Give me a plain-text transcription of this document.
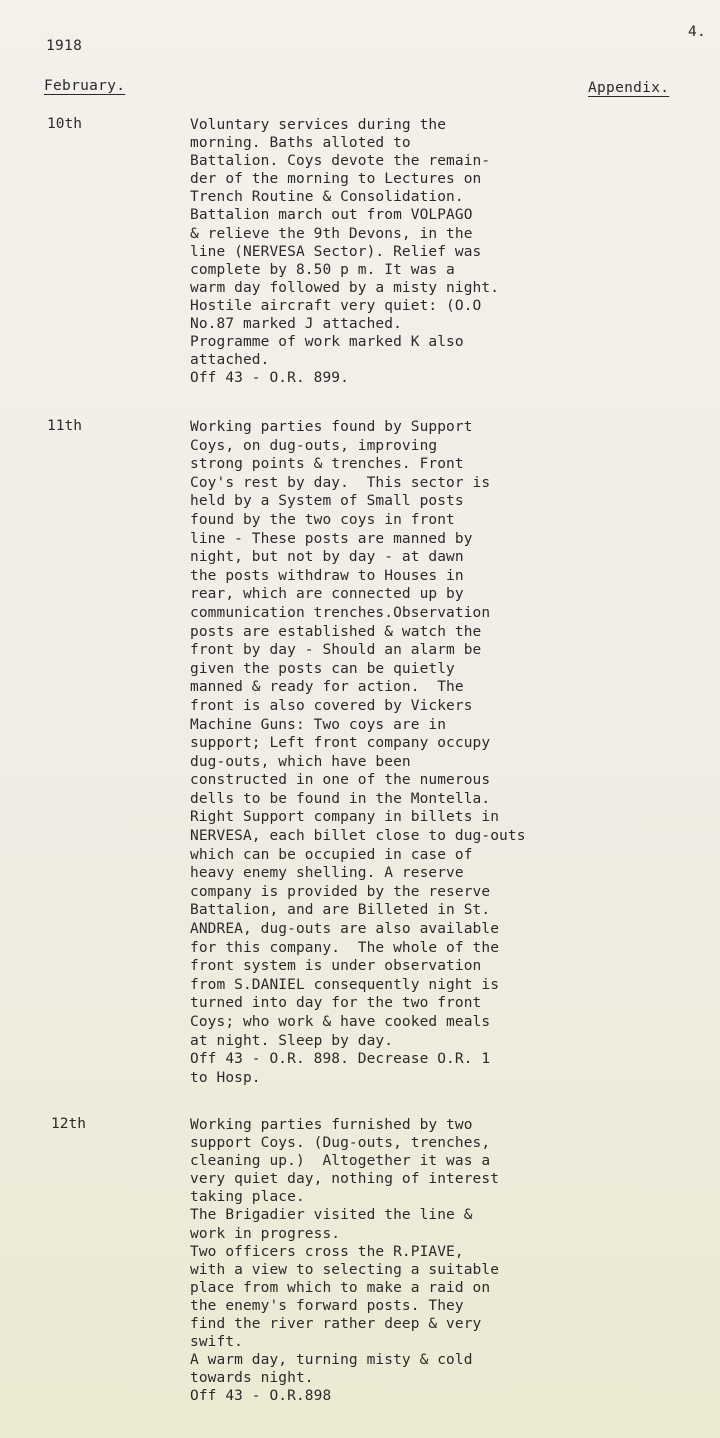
4.
1918
February.	Appendix.
10th	Voluntary services during the
morning. Baths alloted to
Battalion. Coys devote the remain-
der of the morning to Lectures on
Trench Routine & Consolidation.
Battalion march out from VOLPAGO
& relieve the 9th Devons, in the
line (NERVESA Sector). Relief was
complete by 8.50 p m. It was a
warm day followed by a misty night.
Hostile aircraft very quiet: (O.O
No.87 marked J attached.
Programme of work marked K also
attached.
Off 43 - O.R. 899.
11th	Working parties found by Support
Coys, on dug-outs, improving
strong points & trenches. Front
Coy's rest by day.  This sector is
held by a System of Small posts
found by the two coys in front
line - These posts are manned by
night, but not by day - at dawn
the posts withdraw to Houses in
rear, which are connected up by
communication trenches.Observation
posts are established & watch the
front by day - Should an alarm be
given the posts can be quietly
manned & ready for action.  The
front is also covered by Vickers
Machine Guns: Two coys are in
support; Left front company occupy
dug-outs, which have been
constructed in one of the numerous
dells to be found in the Montella.
Right Support company in billets in
NERVESA, each billet close to dug-outs
which can be occupied in case of
heavy enemy shelling. A reserve
company is provided by the reserve
Battalion, and are Billeted in St.
ANDREA, dug-outs are also available
for this company.  The whole of the
front system is under observation
from S.DANIEL consequently night is
turned into day for the two front
Coys; who work & have cooked meals
at night. Sleep by day.
Off 43 - O.R. 898. Decrease O.R. 1
to Hosp.
12th	Working parties furnished by two
support Coys. (Dug-outs, trenches,
cleaning up.)  Altogether it was a
very quiet day, nothing of interest
taking place.
The Brigadier visited the line &
work in progress.
Two officers cross the R.PIAVE,
with a view to selecting a suitable
place from which to make a raid on
the enemy's forward posts. They
find the river rather deep & very
swift.
A warm day, turning misty & cold
towards night.
Off 43 - O.R.898
